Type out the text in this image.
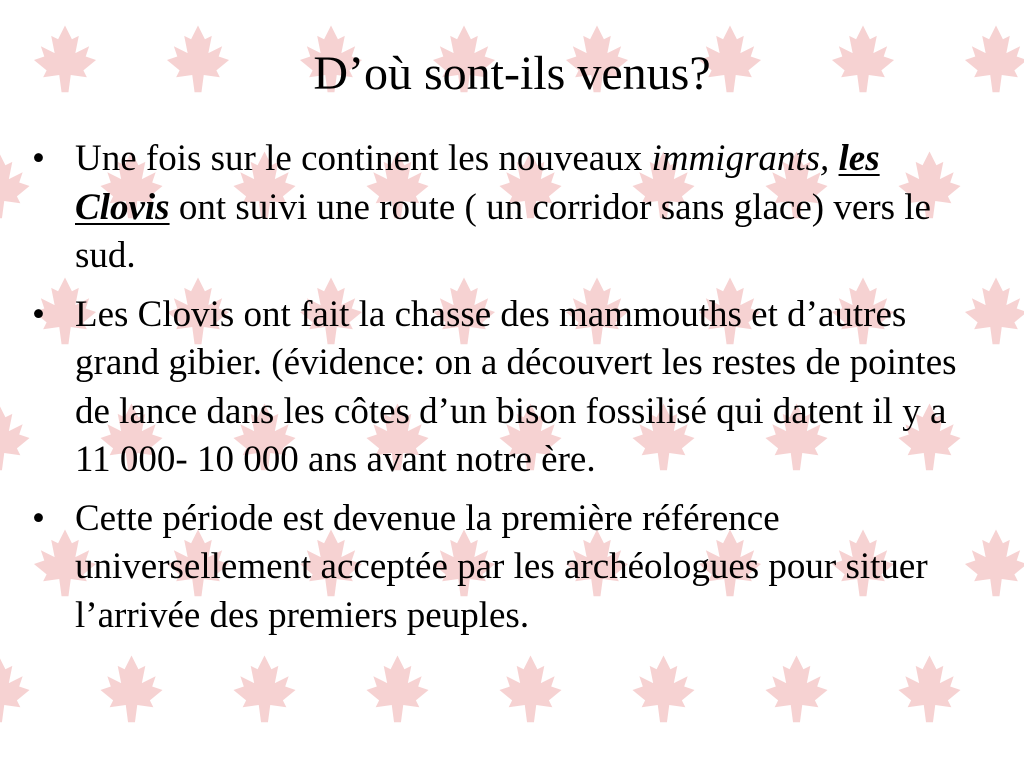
D’où sont-ils venus?
• Une fois sur le continent les nouveaux immigrants, les Clovis ont suivi une route ( un corridor sans glace) vers le sud.
• Les Clovis ont fait la chasse des mammouths et d’autres grand gibier. (évidence: on a découvert les restes de pointes de lance dans les côtes d’un bison fossilisé qui datent il y a 11 000- 10 000 ans avant notre ère.
• Cette période est devenue la première référence universellement acceptée par les archéologues pour situer l’arrivée des premiers peuples.
